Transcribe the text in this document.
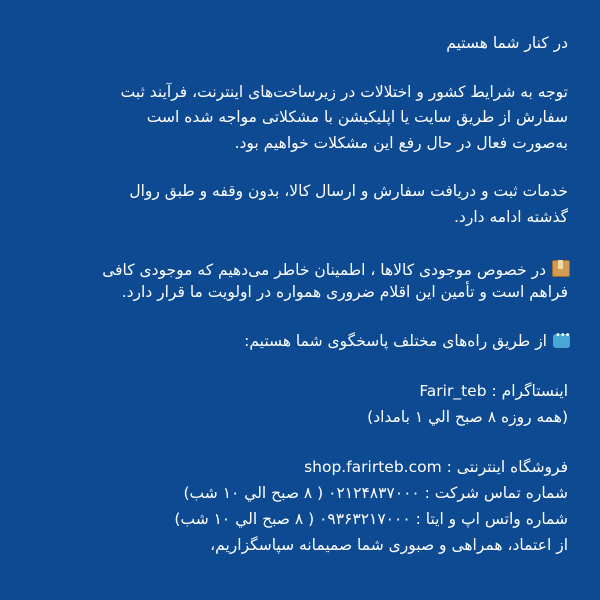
در کنار شما هستیم

توجه به شرایط کشور و اختلالات در زیرساخت‌های اینترنت، فرآیند ثبت

سفارش از طریق سایت یا اپلیکیشن با مشکلاتی مواجه شده است

به‌صورت فعال در حال رفع این مشکلات خواهیم بود.

خدمات ثبت و دریافت سفارش و ارسال کالا، بدون وقفه و طبق روال

گذشته ادامه دارد.

در خصوص موجودی کالاها ، اطمینان خاطر می‌دهیم که موجودی کافی

فراهم است و تأمین این اقلام ضروری همواره در اولویت ما قرار دارد.

•••از طریق راه‌های مختلف پاسخگوی شما هستیم:

اینستاگرام : Farir_teb

(همه روزه ۸ صبح الي ۱ بامداد)

فروشگاه اینترنتی : shop.farirteb.com

شماره تماس شرکت : ۰۲۱۲۴۸۳۷۰۰۰ ( ۸ صبح الي ۱۰ شب)

شماره واتس اپ و ایتا : ۰۹۳۶۳۲۱۷۰۰۰ ( ۸ صبح الي ۱۰ شب)

از اعتماد، همراهی و صبوری شما صمیمانه سپاسگزاریم،
